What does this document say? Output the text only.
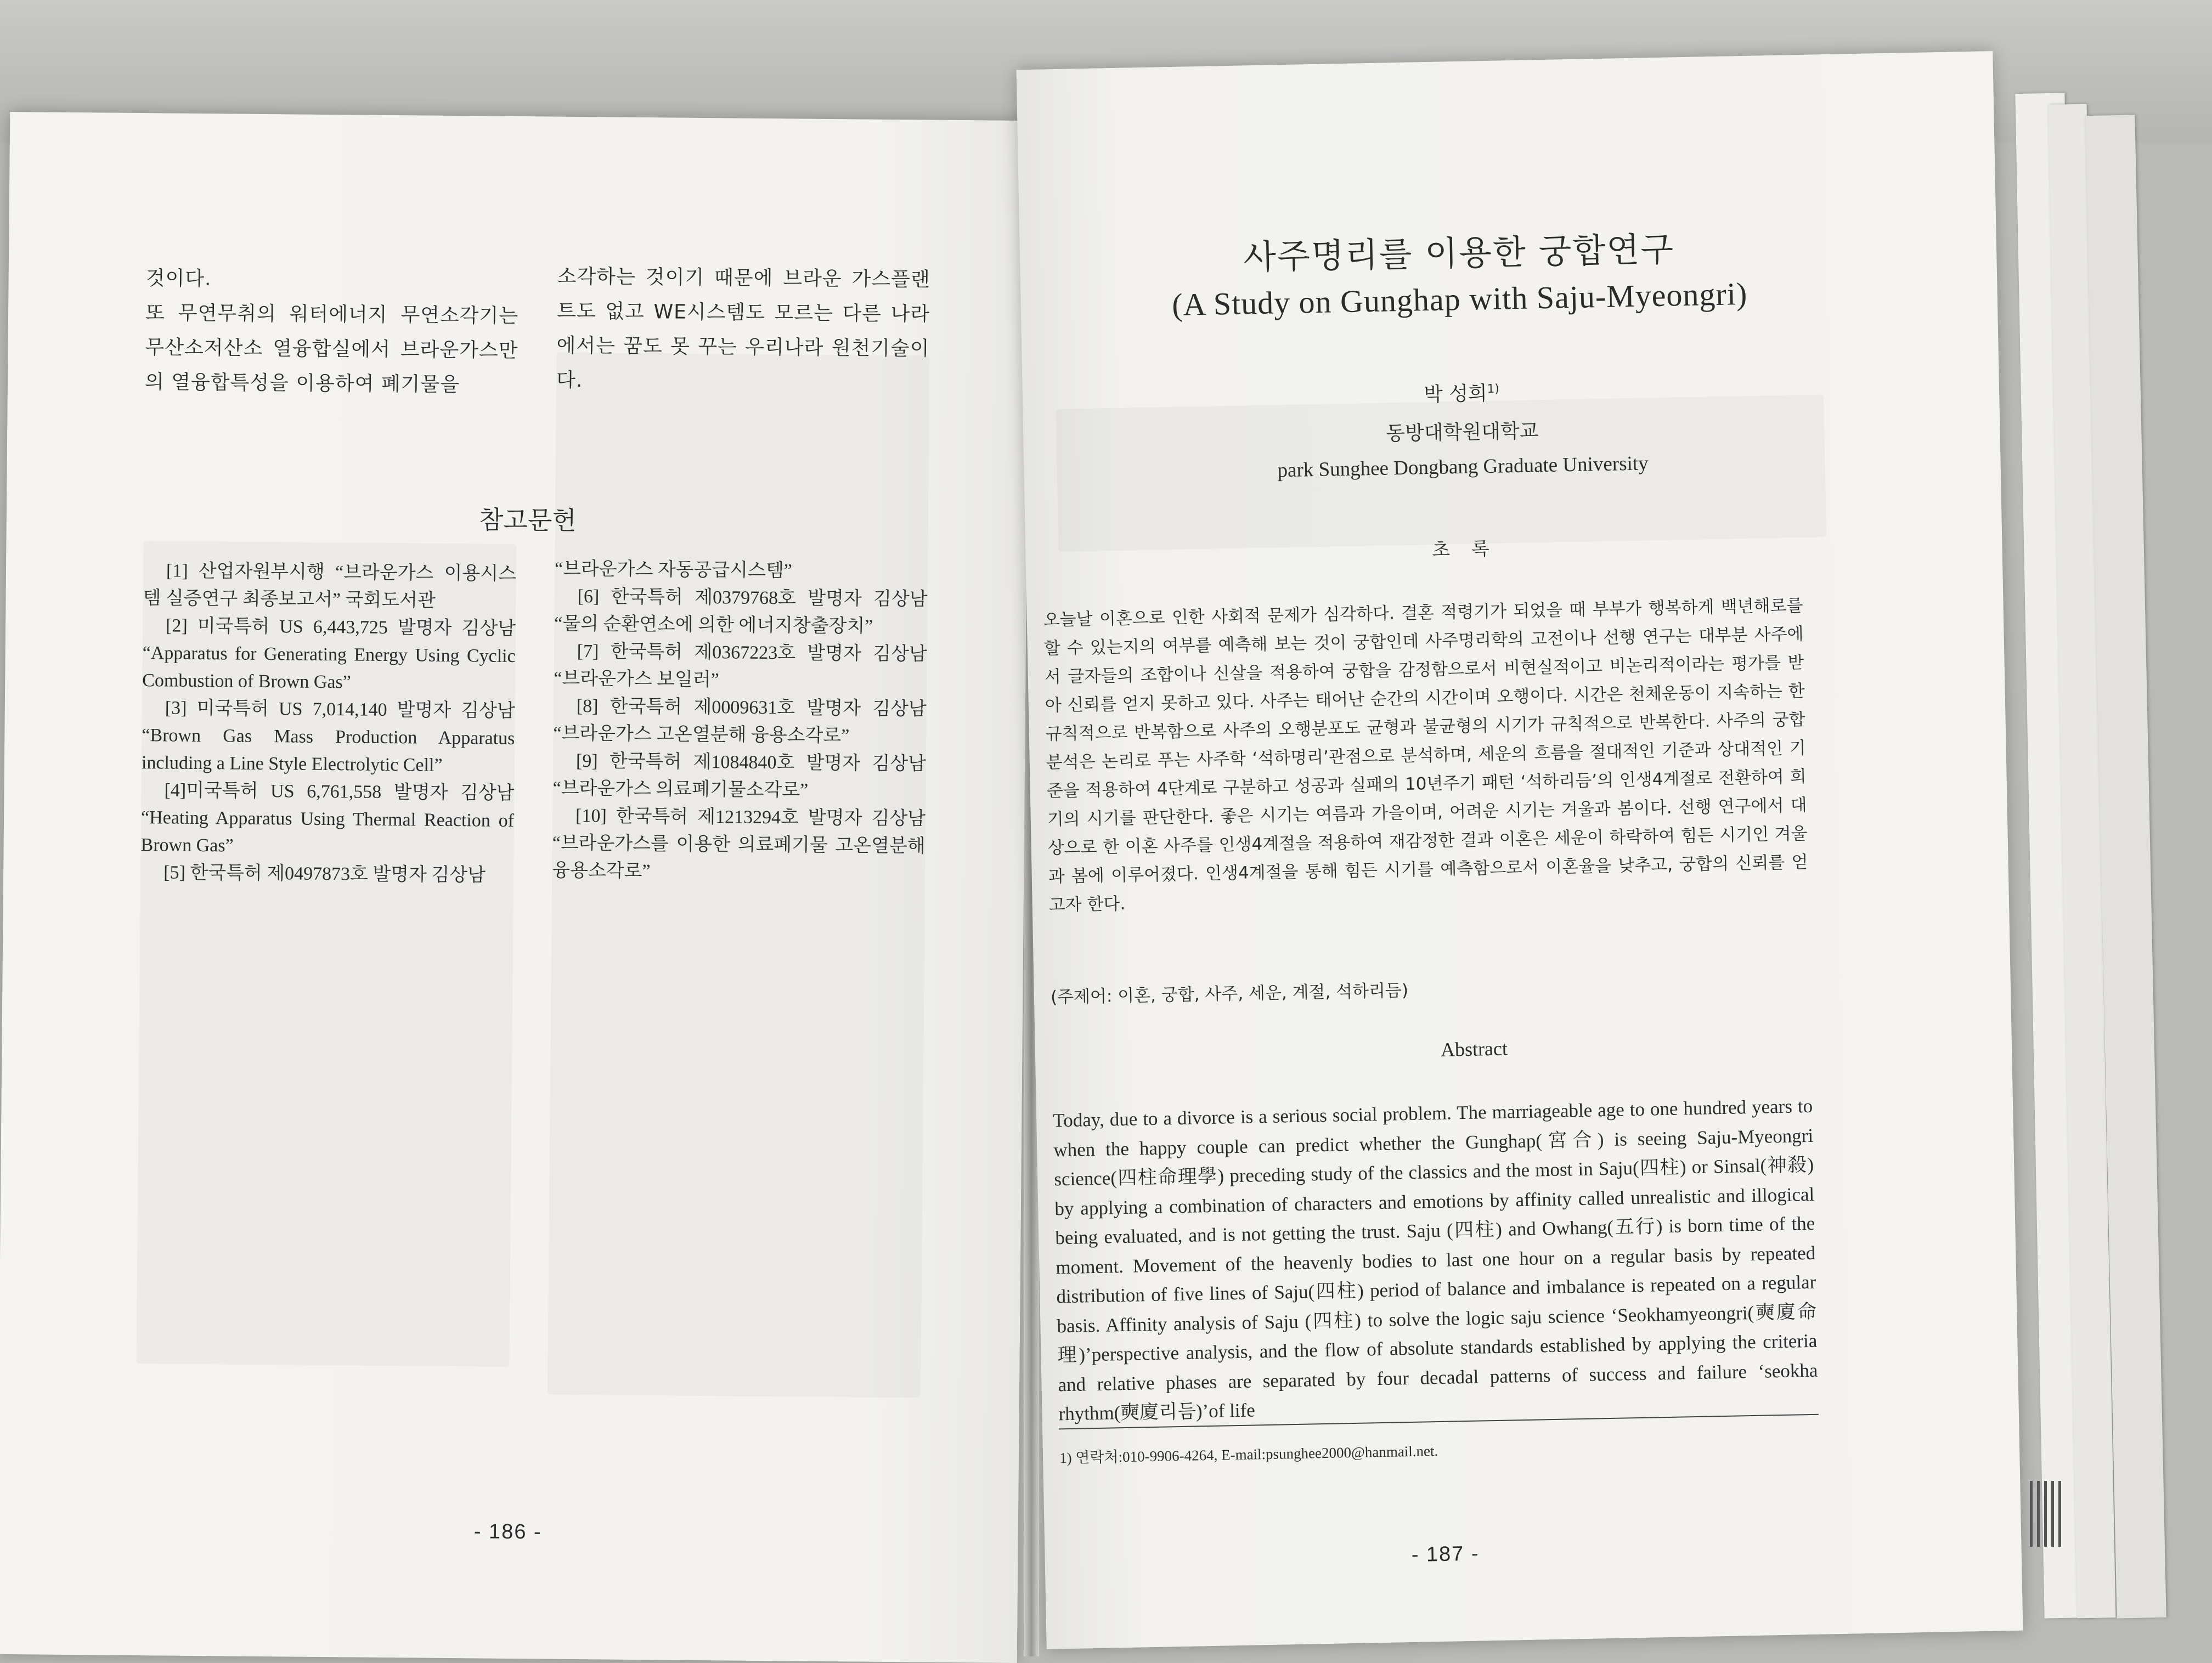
것이다.
또 무연무취의 워터에너지 무연소각기는 무산소저산소 열융합실에서 브라운가스만의 열융합특성을 이용하여 폐기물을

소각하는 것이기 때문에 브라운 가스플랜트도 없고 WE시스템도 모르는 다른 나라에서는 꿈도 못 꾸는 우리나라 원천기술이다.

참고문헌

[1] 산업자원부시행 “브라운가스 이용시스템 실증연구 최종보고서” 국회도서관

[2] 미국특허 US 6,443,725 발명자 김상남 “Apparatus for Generating Energy Using Cyclic Combustion of Brown Gas”

[3] 미국특허 US 7,014,140 발명자 김상남 “Brown Gas Mass Production Apparatus including a Line Style Electrolytic Cell”

[4]미국특허 US 6,761,558 발명자 김상남 “Heating Apparatus Using Thermal Reaction of Brown Gas”

[5] 한국특허 제0497873호 발명자 김상남

“브라운가스 자동공급시스템”

[6] 한국특허 제0379768호 발명자 김상남 “물의 순환연소에 의한 에너지창출장치”

[7] 한국특허 제0367223호 발명자 김상남 “브라운가스 보일러”

[8] 한국특허 제0009631호 발명자 김상남 “브라운가스 고온열분해 융용소각로”

[9] 한국특허 제1084840호 발명자 김상남 “브라운가스 의료폐기물소각로”

[10] 한국특허 제1213294호 발명자 김상남 “브라운가스를 이용한 의료폐기물 고온열분해 융용소각로”

- 186 -
사주명리를 이용한 궁합연구
(A Study on Gunghap with Saju-Myeongri)
박 성희$^{1)}$
동방대학원대학교
park Sunghee Dongbang Graduate University
초 록

오늘날 이혼으로 인한 사회적 문제가 심각하다. 결혼 적령기가 되었을 때 부부가 행복하게 백년해로를 할 수 있는지의 여부를 예측해 보는 것이 궁합인데 사주명리학의 고전이나 선행 연구는 대부분 사주에서 글자들의 조합이나 신살을 적용하여 궁합을 감정함으로서 비현실적이고 비논리적이라는 평가를 받아 신뢰를 얻지 못하고 있다. 사주는 태어난 순간의 시간이며 오행이다. 시간은 천체운동이 지속하는 한 규칙적으로 반복함으로 사주의 오행분포도 균형과 불균형의 시기가 규칙적으로 반복한다. 사주의 궁합 분석은 논리로 푸는 사주학 ‘석하명리’관점으로 분석하며, 세운의 흐름을 절대적인 기준과 상대적인 기준을 적용하여 4단계로 구분하고 성공과 실패의 10년주기 패턴 ‘석하리듬’의 인생4계절로 전환하여 희기의 시기를 판단한다. 좋은 시기는 여름과 가을이며, 어려운 시기는 겨울과 봄이다. 선행 연구에서 대상으로 한 이혼 사주를 인생4계절을 적용하여 재감정한 결과 이혼은 세운이 하락하여 힘든 시기인 겨울과 봄에 이루어졌다. 인생4계절을 통해 힘든 시기를 예측함으로서 이혼율을 낮추고, 궁합의 신뢰를 얻고자 한다.

(주제어: 이혼, 궁합, 사주, 세운, 계절, 석하리듬)

Abstract

Today, due to a divorce is a serious social problem. The marriageable age to one hundred years to when the happy couple can predict whether the Gunghap(宮合) is seeing Saju-Myeongri science(四柱命理學) preceding study of the classics and the most in Saju(四柱) or Sinsal(神殺) by applying a combination of characters and emotions by affinity called unrealistic and illogical being evaluated, and is not getting the trust. Saju (四柱) and Owhang(五行) is born time of the moment. Movement of the heavenly bodies to last one hour on a regular basis by repeated distribution of five lines of Saju(四柱) period of balance and imbalance is repeated on a regular basis. Affinity analysis of Saju (四柱) to solve the logic saju science ‘Seokhamyeongri(奭廈命理)’perspective analysis, and the flow of absolute standards established by applying the criteria and relative phases are separated by four decadal patterns of success and failure ‘seokha rhythm(奭廈리듬)’of life

1) 연락처:010-9906-4264, E-mail:psunghee2000@hanmail.net.
- 187 -
